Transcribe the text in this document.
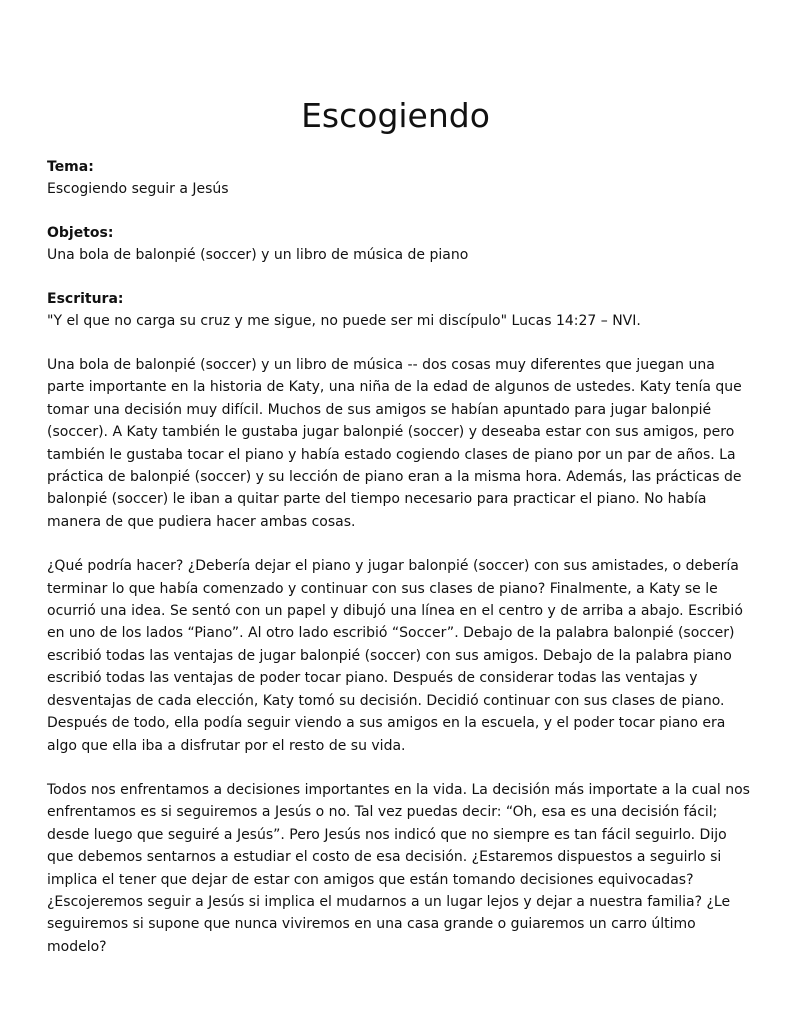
Escogiendo

Tema:

Escogiendo seguir a Jesús

Objetos:

Una bola de balonpié (soccer) y un libro de música de piano

Escritura:

"Y el que no carga su cruz y me sigue, no puede ser mi discípulo" Lucas 14:27 – NVI.

Una bola de balonpié (soccer) y un libro de música -- dos cosas muy diferentes que juegan una parte importante en la historia de Katy, una niña de la edad de algunos de ustedes. Katy tenía que tomar una decisión muy difícil. Muchos de sus amigos se habían apuntado para jugar balonpié (soccer). A Katy también le gustaba jugar balonpié (soccer) y deseaba estar con sus amigos, pero también le gustaba tocar el piano y había estado cogiendo clases de piano por un par de años. La práctica de balonpié (soccer) y su lección de piano eran a la misma hora. Además, las prácticas de balonpié (soccer) le iban a quitar parte del tiempo necesario para practicar el piano. No había manera de que pudiera hacer ambas cosas.

¿Qué podría hacer? ¿Debería dejar el piano y jugar balonpié (soccer) con sus amistades, o debería terminar lo que había comenzado y continuar con sus clases de piano? Finalmente, a Katy se le ocurrió una idea. Se sentó con un papel y dibujó una línea en el centro y de arriba a abajo. Escribió en uno de los lados “Piano”. Al otro lado escribió “Soccer”. Debajo de la palabra balonpié (soccer) escribió todas las ventajas de jugar balonpié (soccer) con sus amigos. Debajo de la palabra piano escribió todas las ventajas de poder tocar piano. Después de considerar todas las ventajas y desventajas de cada elección, Katy tomó su decisión. Decidió continuar con sus clases de piano. Después de todo, ella podía seguir viendo a sus amigos en la escuela, y el poder tocar piano era algo que ella iba a disfrutar por el resto de su vida.

Todos nos enfrentamos a decisiones importantes en la vida. La decisión más importate a la cual nos enfrentamos es si seguiremos a Jesús o no. Tal vez puedas decir: “Oh, esa es una decisión fácil; desde luego que seguiré a Jesús”. Pero Jesús nos indicó que no siempre es tan fácil seguirlo. Dijo que debemos sentarnos a estudiar el costo de esa decisión. ¿Estaremos dispuestos a seguirlo si implica el tener que dejar de estar con amigos que están tomando decisiones equivocadas? ¿Escojeremos seguir a Jesús si implica el mudarnos a un lugar lejos y dejar a nuestra familia? ¿Le seguiremos si supone que nunca viviremos en una casa grande o guiaremos un carro último modelo?
